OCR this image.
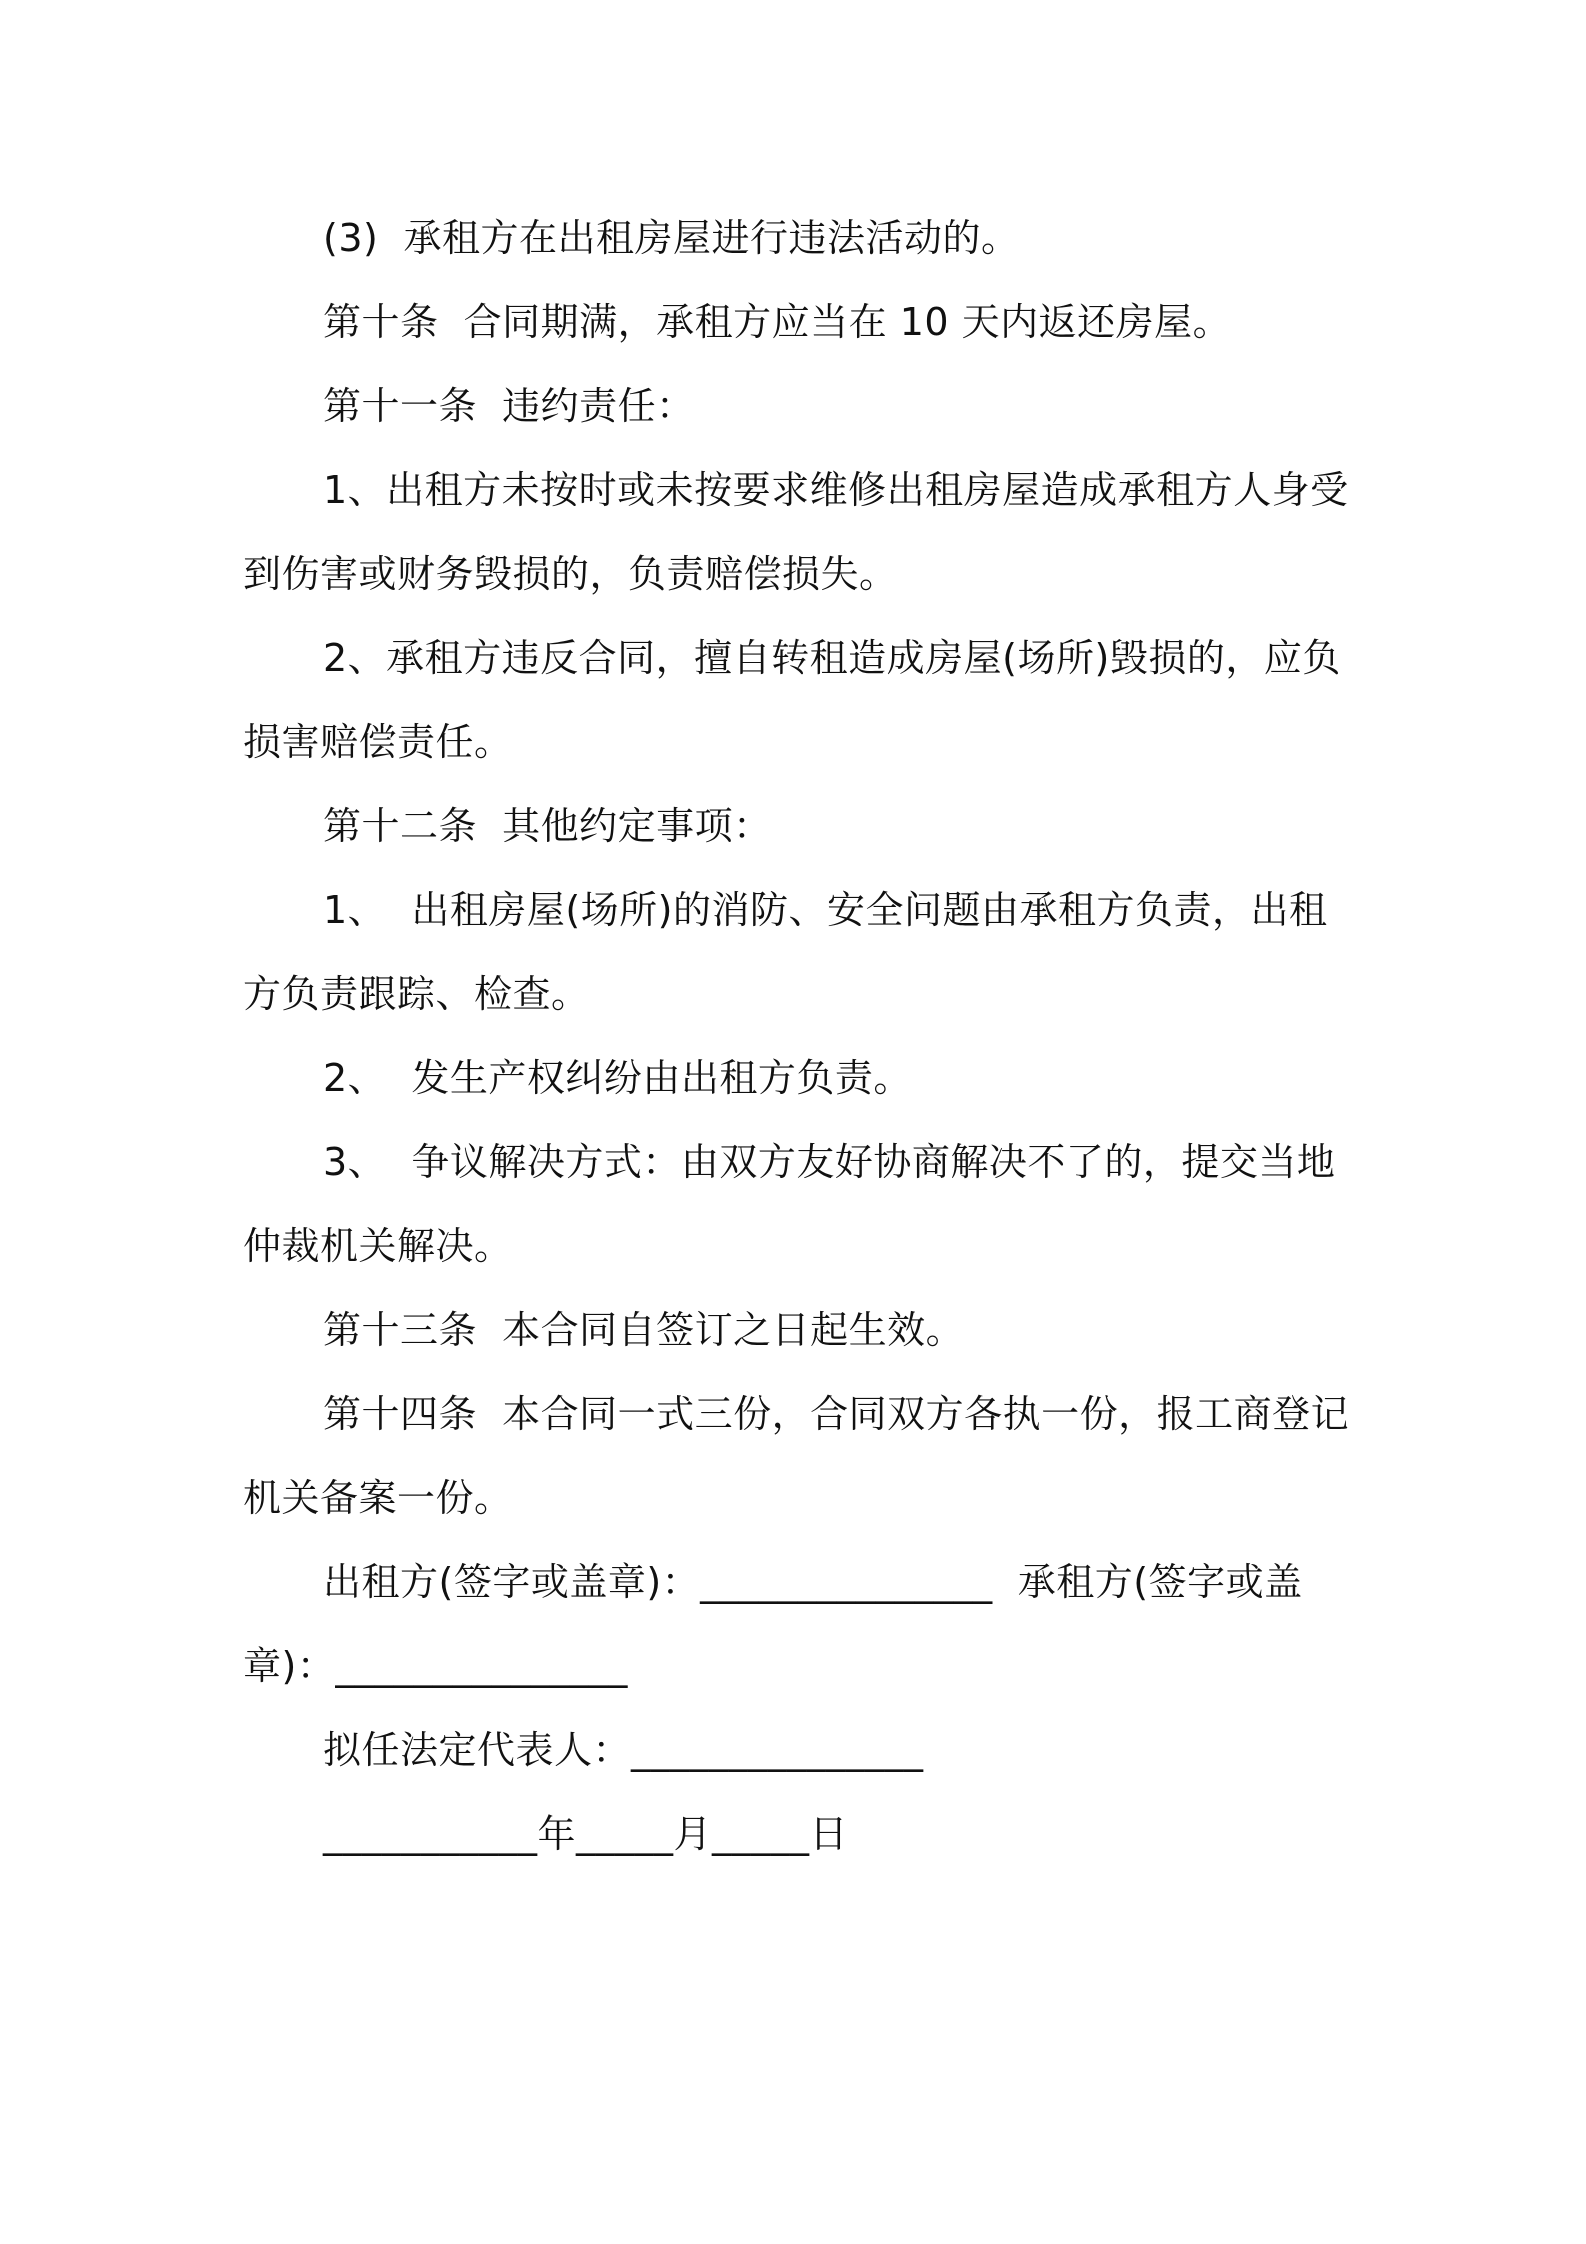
(3)  承租方在出租房屋进行违法活动的。

第十条  合同期满，承租方应当在 10 天内返还房屋。

第十一条  违约责任：

1、出租方未按时或未按要求维修出租房屋造成承租方人身受到伤害或财务毁损的，负责赔偿损失。

2、承租方违反合同，擅自转租造成房屋(场所)毁损的，应负损害赔偿责任。

第十二条  其他约定事项：

1、  出租房屋(场所)的消防、安全问题由承租方负责，出租方负责跟踪、检查。

2、  发生产权纠纷由出租方负责。

3、  争议解决方式：由双方友好协商解决不了的，提交当地仲裁机关解决。

第十三条  本合同自签订之日起生效。

第十四条  本合同一式三份，合同双方各执一份，报工商登记机关备案一份。

出租方(签字或盖章)：_______________  承租方(签字或盖章)：_______________

拟任法定代表人：_______________

___________年_____月_____日
